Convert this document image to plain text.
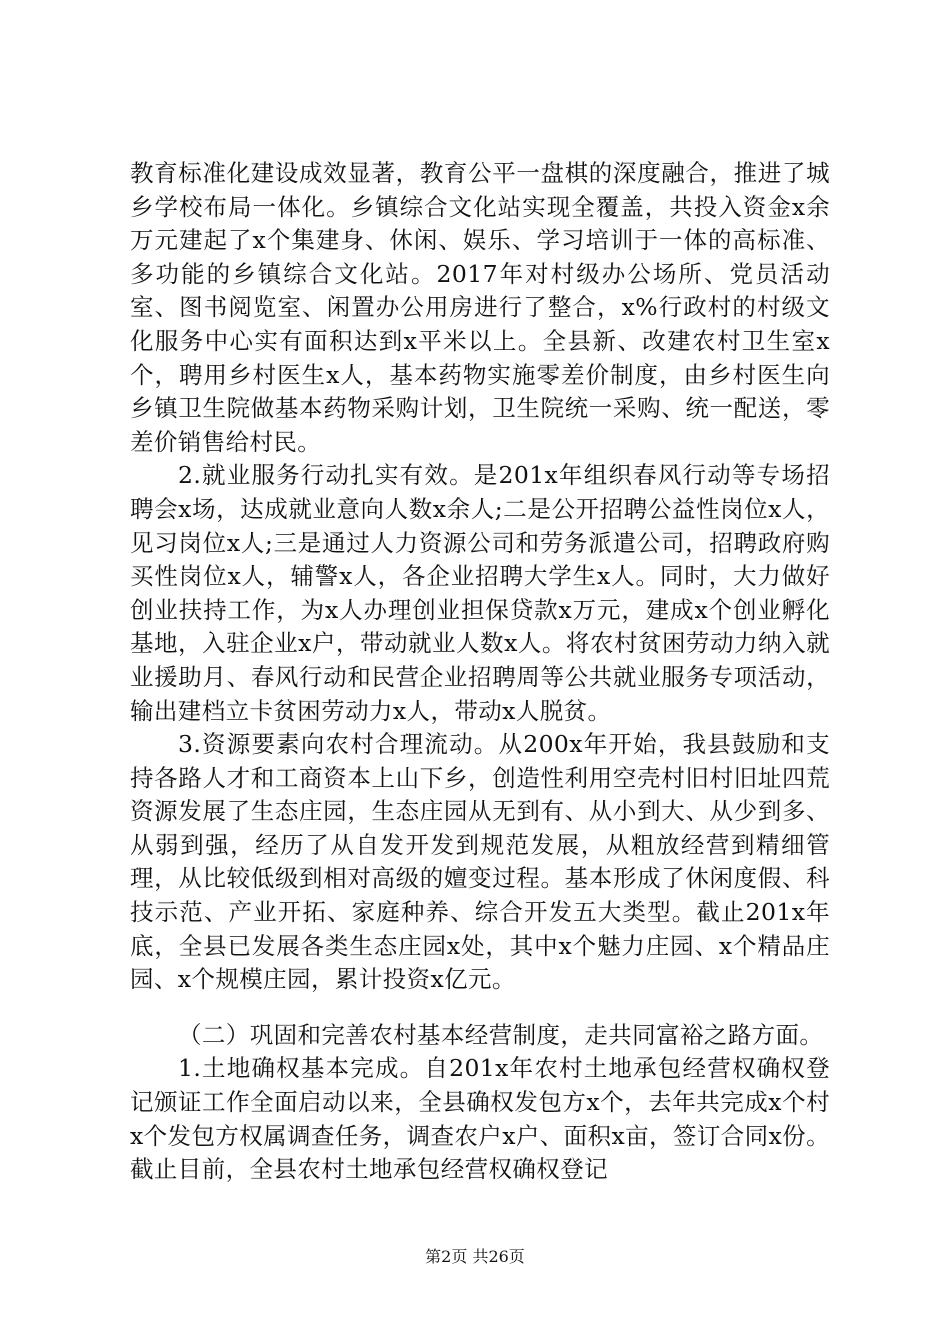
教育标准化建设成效显著，教育公平一盘棋的深度融合，推进了城乡学校布局一体化。乡镇综合文化站实现全覆盖，共投入资金x余万元建起了x个集建身、休闲、娱乐、学习培训于一体的高标准、多功能的乡镇综合文化站。2017年对村级办公场所、党员活动室、图书阅览室、闲置办公用房进行了整合，x%行政村的村级文化服务中心实有面积达到x平米以上。全县新、改建农村卫生室x个，聘用乡村医生x人，基本药物实施零差价制度，由乡村医生向乡镇卫生院做基本药物采购计划，卫生院统一采购、统一配送，零差价销售给村民。

2.就业服务行动扎实有效。是201x年组织春风行动等专场招聘会x场，达成就业意向人数x余人;二是公开招聘公益性岗位x人，见习岗位x人;三是通过人力资源公司和劳务派遣公司，招聘政府购买性岗位x人，辅警x人，各企业招聘大学生x人。同时，大力做好创业扶持工作，为x人办理创业担保贷款x万元，建成x个创业孵化基地，入驻企业x户，带动就业人数x人。将农村贫困劳动力纳入就业援助月、春风行动和民营企业招聘周等公共就业服务专项活动，输出建档立卡贫困劳动力x人，带动x人脱贫。

3.资源要素向农村合理流动。从200x年开始，我县鼓励和支持各路人才和工商资本上山下乡，创造性利用空壳村旧村旧址四荒资源发展了生态庄园，生态庄园从无到有、从小到大、从少到多、从弱到强，经历了从自发开发到规范发展，从粗放经营到精细管理，从比较低级到相对高级的嬗变过程。基本形成了休闲度假、科技示范、产业开拓、家庭种养、综合开发五大类型。截止201x年底，全县已发展各类生态庄园x处，其中x个魅力庄园、x个精品庄园、x个规模庄园，累计投资x亿元。

（二）巩固和完善农村基本经营制度，走共同富裕之路方面。

1.土地确权基本完成。自201x年农村土地承包经营权确权登记颁证工作全面启动以来，全县确权发包方x个，去年共完成x个村x个发包方权属调查任务，调查农户x户、面积x亩，签订合同x份。截止目前，全县农村土地承包经营权确权登记

第2页 共26页
